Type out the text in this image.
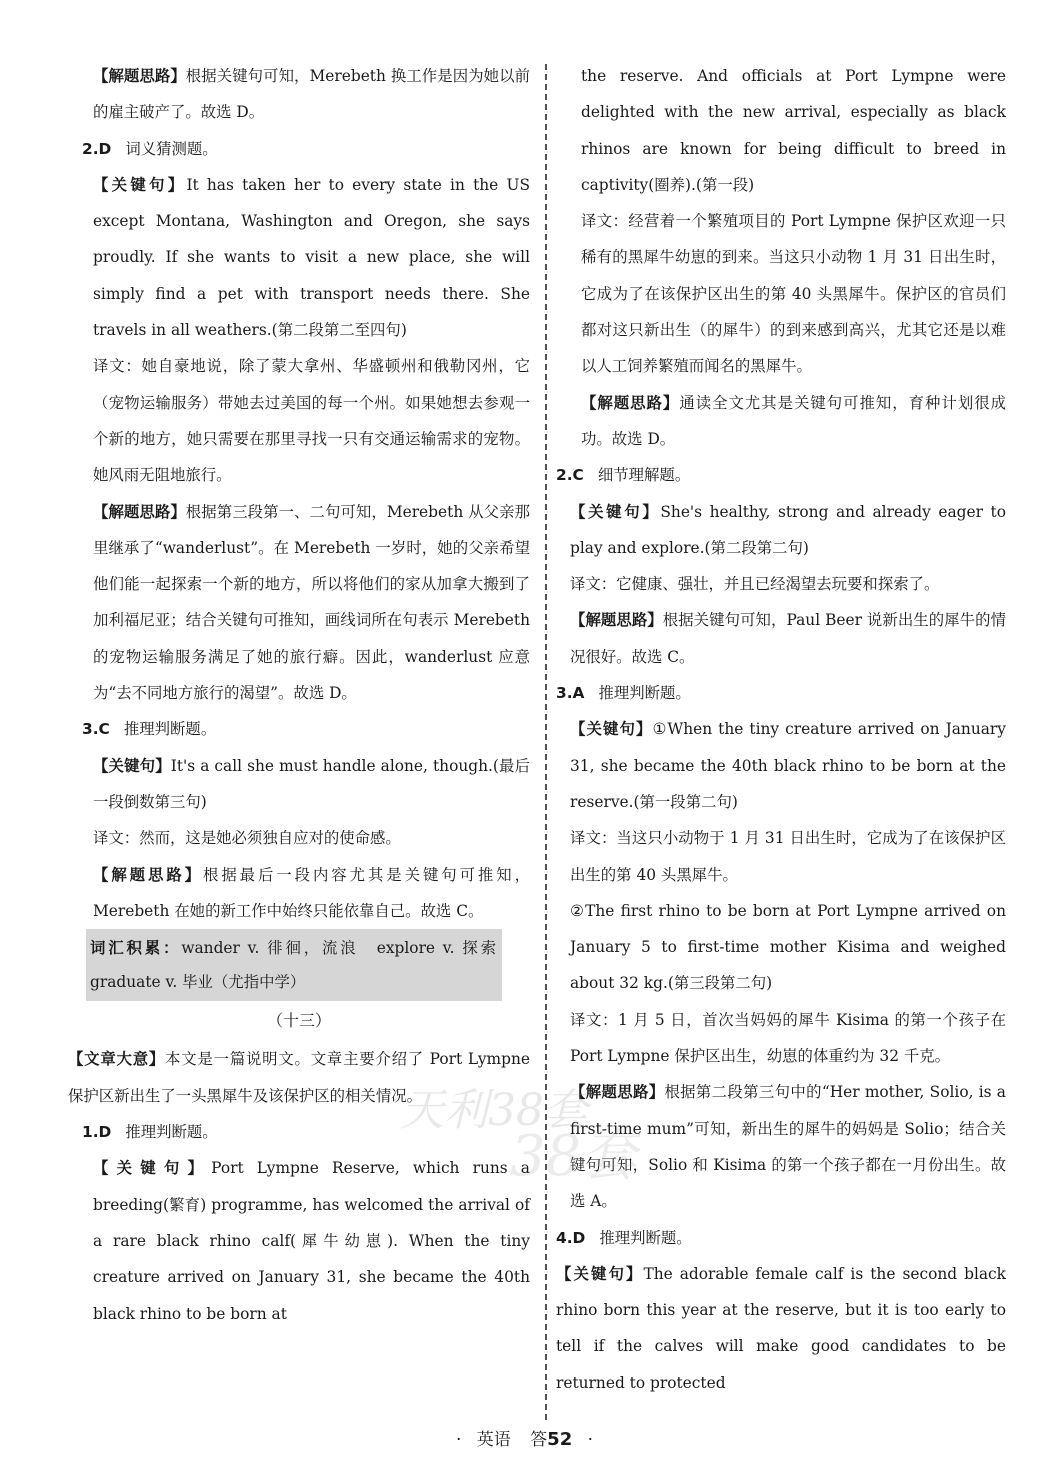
【解题思路】根据关键句可知，Merebeth 换工作是因为她以前的雇主破产了。故选 D。

2.D 词义猜测题。

【关键句】It has taken her to every state in the US except Montana, Washington and Oregon, she says proudly. If she wants to visit a new place, she will simply find a pet with transport needs there. She travels in all weathers.(第二段第二至四句)

译文：她自豪地说，除了蒙大拿州、华盛顿州和俄勒冈州，它（宠物运输服务）带她去过美国的每一个州。如果她想去参观一个新的地方，她只需要在那里寻找一只有交通运输需求的宠物。她风雨无阻地旅行。

【解题思路】根据第三段第一、二句可知，Merebeth 从父亲那里继承了“wanderlust”。在 Merebeth 一岁时，她的父亲希望他们能一起探索一个新的地方，所以将他们的家从加拿大搬到了加利福尼亚；结合关键句可推知，画线词所在句表示 Merebeth 的宠物运输服务满足了她的旅行癖。因此，wanderlust 应意为“去不同地方旅行的渴望”。故选 D。

3.C 推理判断题。

【关键句】It's a call she must handle alone, though.(最后一段倒数第三句)

译文：然而，这是她必须独自应对的使命感。

【解题思路】根据最后一段内容尤其是关键句可推知，Merebeth 在她的新工作中始终只能依靠自己。故选 C。

词汇积累：wander v. 徘徊，流浪　explore v. 探索　graduate v. 毕业（尤指中学）

（十三）

【文章大意】本文是一篇说明文。文章主要介绍了 Port Lympne 保护区新出生了一头黑犀牛及该保护区的相关情况。

1.D 推理判断题。

【关键句】Port Lympne Reserve, which runs a breeding(繁育) programme, has welcomed the arrival of a rare black rhino calf(犀牛幼崽). When the tiny creature arrived on January 31, she became the 40th black rhino to be born at

the reserve. And officials at Port Lympne were delighted with the new arrival, especially as black rhinos are known for being difficult to breed in captivity(圈养).(第一段)

译文：经营着一个繁殖项目的 Port Lympne 保护区欢迎一只稀有的黑犀牛幼崽的到来。当这只小动物 1 月 31 日出生时，它成为了在该保护区出生的第 40 头黑犀牛。保护区的官员们都对这只新出生（的犀牛）的到来感到高兴，尤其它还是以难以人工饲养繁殖而闻名的黑犀牛。

【解题思路】通读全文尤其是关键句可推知，育种计划很成功。故选 D。

2.C 细节理解题。

【关键句】She's healthy, strong and already eager to play and explore.(第二段第二句)

译文：它健康、强壮，并且已经渴望去玩要和探索了。

【解题思路】根据关键句可知，Paul Beer 说新出生的犀牛的情况很好。故选 C。

3.A 推理判断题。

【关键句】①When the tiny creature arrived on January 31, she became the 40th black rhino to be born at the reserve.(第一段第二句)

译文：当这只小动物于 1 月 31 日出生时，它成为了在该保护区出生的第 40 头黑犀牛。

②The first rhino to be born at Port Lympne arrived on January 5 to first-time mother Kisima and weighed about 32 kg.(第三段第二句)

译文：1 月 5 日，首次当妈妈的犀牛 Kisima 的第一个孩子在 Port Lympne 保护区出生，幼崽的体重约为 32 千克。

【解题思路】根据第二段第三句中的“Her mother, Solio, is a first-time mum”可知，新出生的犀牛的妈妈是 Solio；结合关键句可知，Solio 和 Kisima 的第一个孩子都在一月份出生。故选 A。

4.D 推理判断题。

【关键句】The adorable female calf is the second black rhino born this year at the reserve, but it is too early to tell if the calves will make good candidates to be returned to protected

天利38套
38套
· 英语 答52 ·
